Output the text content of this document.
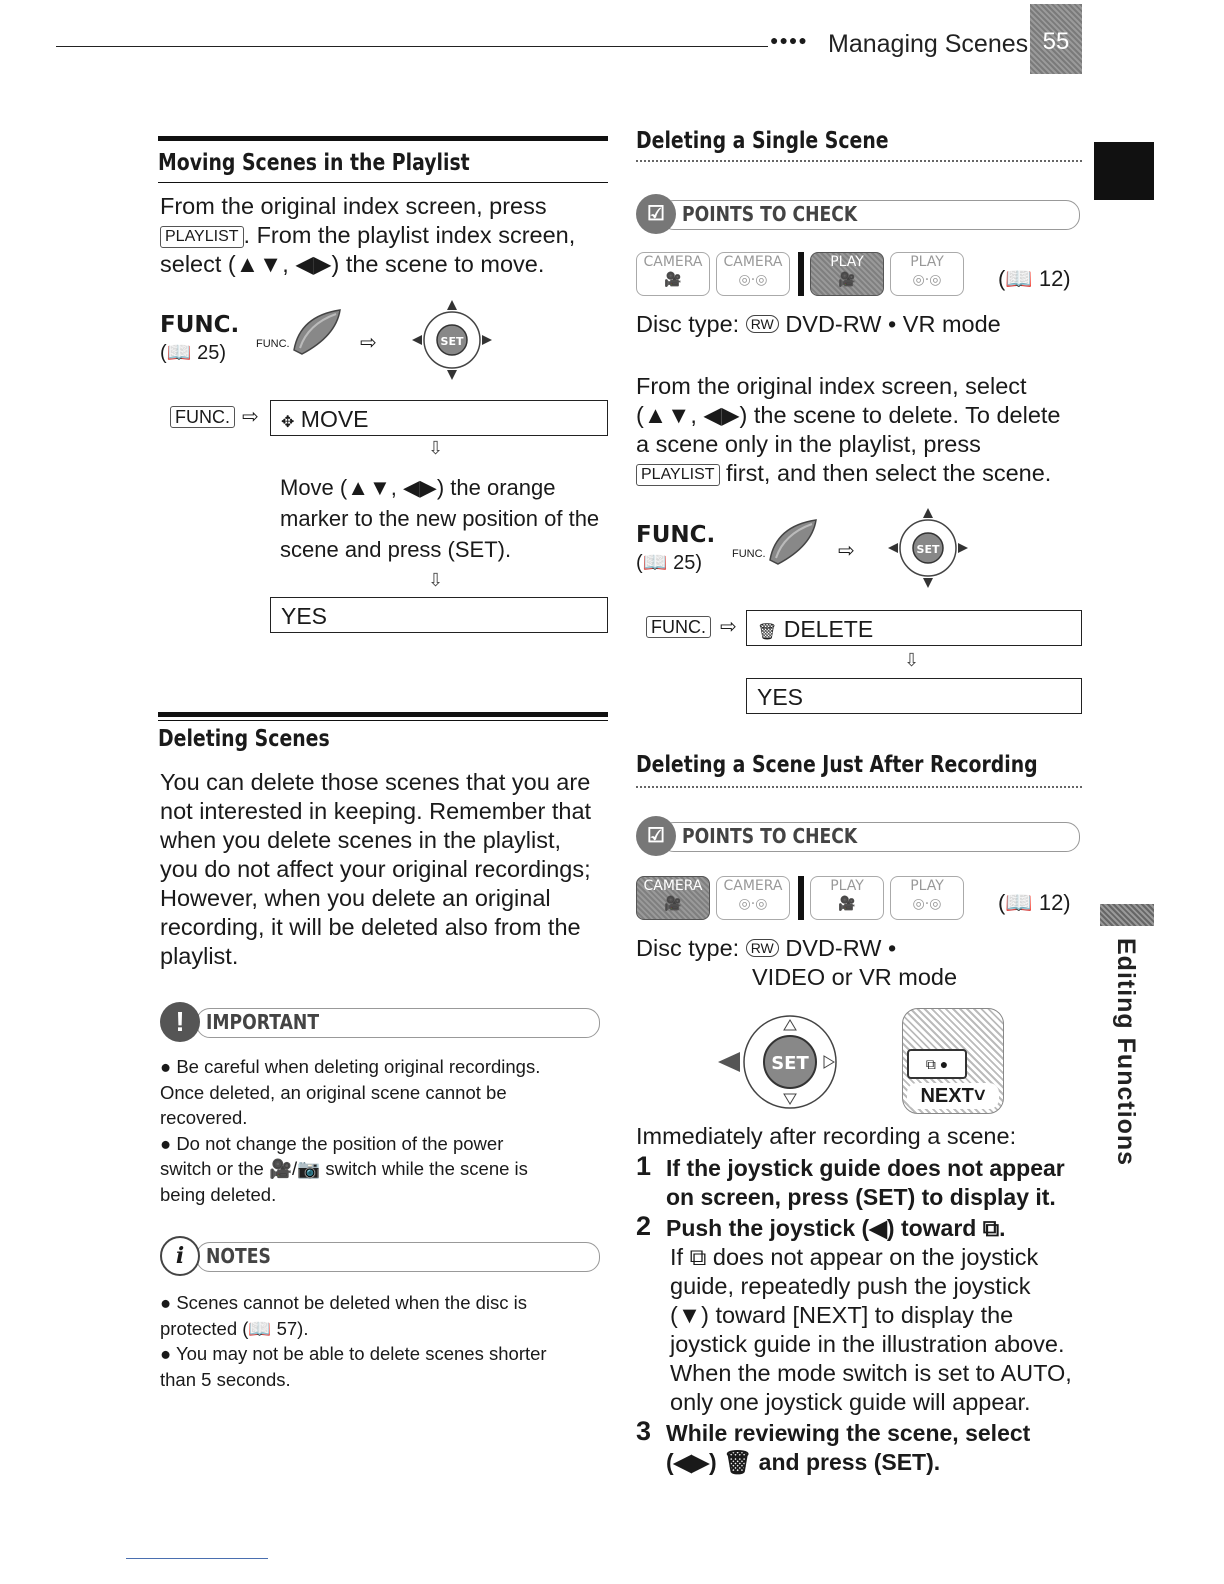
●●●● Managing Scenes 55
Editing Functions
Moving Scenes in the Playlist
From the original index screen, press
PLAYLIST . From the playlist index screen,
select (▲▼, ◀▶) the scene to move.
FUNC.
(📖 25)	FUNC.	⇨	SET
FUNC. ⇨	✥ MOVE
⇩
Move (▲▼, ◀▶) the orange
marker to the new position of the
scene and press (SET).
⇩
YES
Deleting Scenes
You can delete those scenes that you are
not interested in keeping. Remember that
when you delete scenes in the playlist,
you do not affect your original recordings;
However, when you delete an original
recording, it will be deleted also from the
playlist.
!	IMPORTANT
● Be careful when deleting original recordings.
Once deleted, an original scene cannot be
recovered.
● Do not change the position of the power
switch or the 🎥/📷 switch while the scene is
being deleted.
i	NOTES
● Scenes cannot be deleted when the disc is
protected (📖 57).
● You may not be able to delete scenes shorter
than 5 seconds.
Deleting a Single Scene
☑ POINTS TO CHECK
CAMERA
🎥
CAMERA
◎·◎
PLAY
🎥
PLAY
◎·◎	(📖 12)
Disc type: RW DVD-RW • VR mode
From the original index screen, select
(▲▼, ◀▶) the scene to delete. To delete
a scene only in the playlist, press
PLAYLIST first, and then select the scene.
FUNC.
(📖 25)	FUNC.	⇨	SET
FUNC. ⇨	🗑 DELETE
⇩
YES
Deleting a Scene Just After Recording
☑ POINTS TO CHECK
CAMERA
🎥
CAMERA
◎·◎
PLAY
🎥
PLAY
◎·◎	(📖 12)
Disc type: RW DVD-RW •
VIDEO or VR mode
SET	⧉ ●
NEXT˅
Immediately after recording a scene:
1 If the joystick guide does not appear
on screen, press (SET) to display it.
2 Push the joystick (◀) toward ⧉.
If ⧉ does not appear on the joystick
guide, repeatedly push the joystick
(▼) toward [NEXT] to display the
joystick guide in the illustration above.
When the mode switch is set to AUTO,
only one joystick guide will appear.
3 While reviewing the scene, select
(◀▶) 🗑 and press (SET).
